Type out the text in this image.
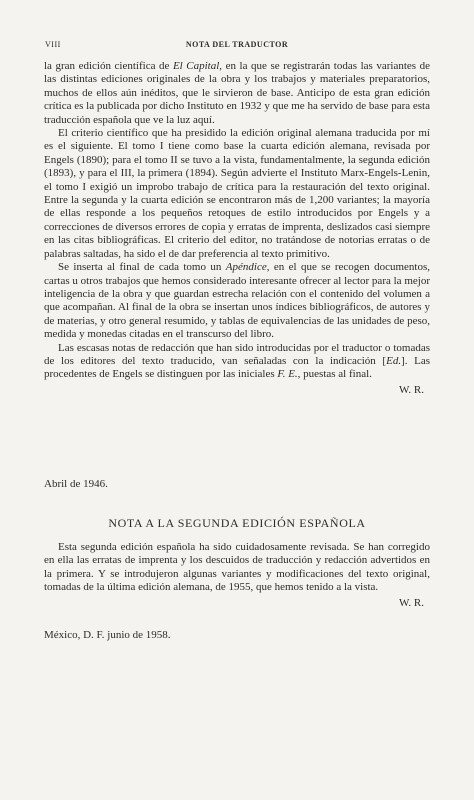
VIII	NOTA DEL TRADUCTOR

la gran edición científica de El Capital, en la que se registrarán todas las variantes de las distintas ediciones originales de la obra y los trabajos y materiales preparatorios, muchos de ellos aún inéditos, que le sirvieron de base. Anticipo de esta gran edición crítica es la publicada por dicho Instituto en 1932 y que me ha servido de base para esta traducción española que ve la luz aquí.

El criterio científico que ha presidido la edición original alemana traducida por mí es el siguiente. El tomo I tiene como base la cuarta edición alemana, revisada por Engels (1890); para el tomo II se tuvo a la vista, fundamentalmente, la segunda edición (1893), y para el III, la primera (1894). Según advierte el Instituto Marx-Engels-Lenin, el tomo I exigió un improbo trabajo de crítica para la restauración del texto original. Entre la segunda y la cuarta edición se encontraron más de 1,200 variantes; la mayoría de ellas responde a los pequeños retoques de estilo introducidos por Engels y a correcciones de diversos errores de copia y erratas de imprenta, deslizados casi siempre en las citas bibliográficas. El criterio del editor, no tratándose de notorias erratas o de palabras saltadas, ha sido el de dar preferencia al texto primitivo.

Se inserta al final de cada tomo un Apéndice, en el que se recogen documentos, cartas u otros trabajos que hemos considerado interesante ofrecer al lector para la mejor inteligencia de la obra y que guardan estrecha relación con el contenido del volumen a que acompañan. Al final de la obra se insertan unos índices bibliográficos, de autores y de materias, y otro general resumido, y tablas de equivalencias de las unidades de peso, medida y monedas citadas en el transcurso del libro.

Las escasas notas de redacción que han sido introducidas por el traductor o tomadas de los editores del texto traducido, van señaladas con la indicación [Ed.]. Las procedentes de Engels se distinguen por las iniciales F. E., puestas al final.

W. R.
Abril de 1946.
NOTA A LA SEGUNDA EDICIÓN ESPAÑOLA

Esta segunda edición española ha sido cuidadosamente revisada. Se han corregido en ella las erratas de imprenta y los descuidos de traducción y redacción advertidos en la primera. Y se introdujeron algunas variantes y modificaciones del texto original, tomadas de la última edición alemana, de 1955, que hemos tenido a la vista.

W. R.
México, D. F. junio de 1958.
